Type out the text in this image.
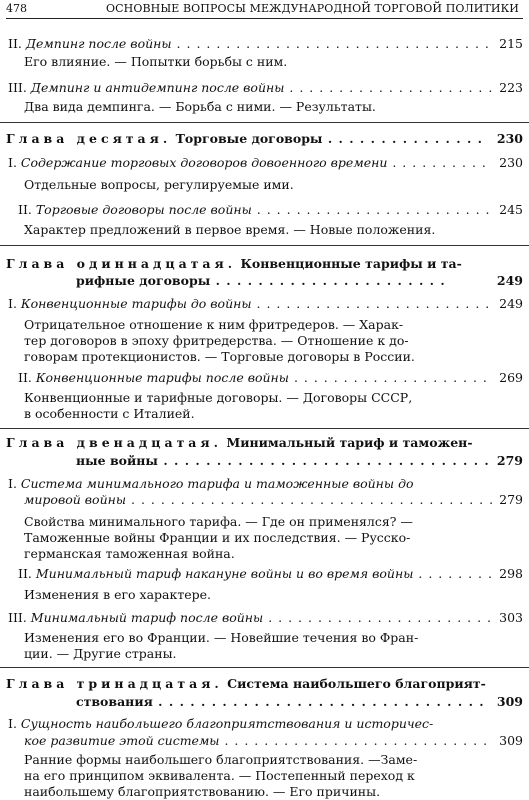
478	ОСНОВНЫЕ ВОПРОСЫ МЕЖДУНАРОДНОЙ ТОРГОВОЙ ПОЛИТИКИ
II. Демпинг после войны . . . . . . . . . . . . . . . . . . . . . . . . . . . . . . . . 215
Его влияние. — Попытки борьбы с ним.
III. Демпинг и антидемпинг после войны . . . . . . . . . . . . . . . . . . . . . 223
Два вида демпинга. — Борьба с ними. — Результаты.
Глава десятая. Торговые договоры . . . . . . . . . . . . . . . 230
I. Содержание торговых договоров довоенного времени . . . . . . . . . . 230
Отдельные вопросы, регулируемые ими.
II. Торговые договоры после войны . . . . . . . . . . . . . . . . . . . . . . . . 245
Характер предложений в первое время. — Новые положения.
Глава одиннадцатая. Конвенционные тарифы и та-
рифные договоры . . . . . . . . . . . . . . . . . . . . . .	249
I. Конвенционные тарифы до войны . . . . . . . . . . . . . . . . . . . . . . . . 249
Отрицательное отношение к ним фритредеров. — Харак-
тер договоров в эпоху фритредерства. — Отношение к до-
говорам протекционистов. — Торговые договоры в России.
II. Конвенционные тарифы после войны . . . . . . . . . . . . . . . . . . . . 269
Конвенционные и тарифные договоры. — Договоры СССР,
в особенности с Италией.
Глава двенадцатая. Минимальный тариф и таможен-
ные войны . . . . . . . . . . . . . . . . . . . . . . . . . . . . . . . 279
I. Система минимального тарифа и таможенные войны до
мировой войны . . . . . . . . . . . . . . . . . . . . . . . . . . . . . . . . . . . . . 279
Свойства минимального тарифа. — Где он применялся? —
Таможенные войны Франции и их последствия. — Русско-
германская таможенная война.
II. Минимальный тариф накануне войны и во время войны . . . . . . . . 298
Изменения в его характере.
III. Минимальный тариф после войны . . . . . . . . . . . . . . . . . . . . . . . 303
Изменения его во Франции. — Новейшие течения во Фран-
ции. — Другие страны.
Глава тринадцатая. Система наибольшего благоприят-
ствования . . . . . . . . . . . . . . . . . . . . . . . . . . . . . . . 309
I. Сущность наибольшего благоприятствования и историчес-
кое развитие этой системы . . . . . . . . . . . . . . . . . . . . . . . . . . . 309
Ранние формы наибольшего благоприятствования. —Заме-
на его принципом эквивалента. — Постепенный переход к
наибольшему благоприятствованию. — Его причины.
